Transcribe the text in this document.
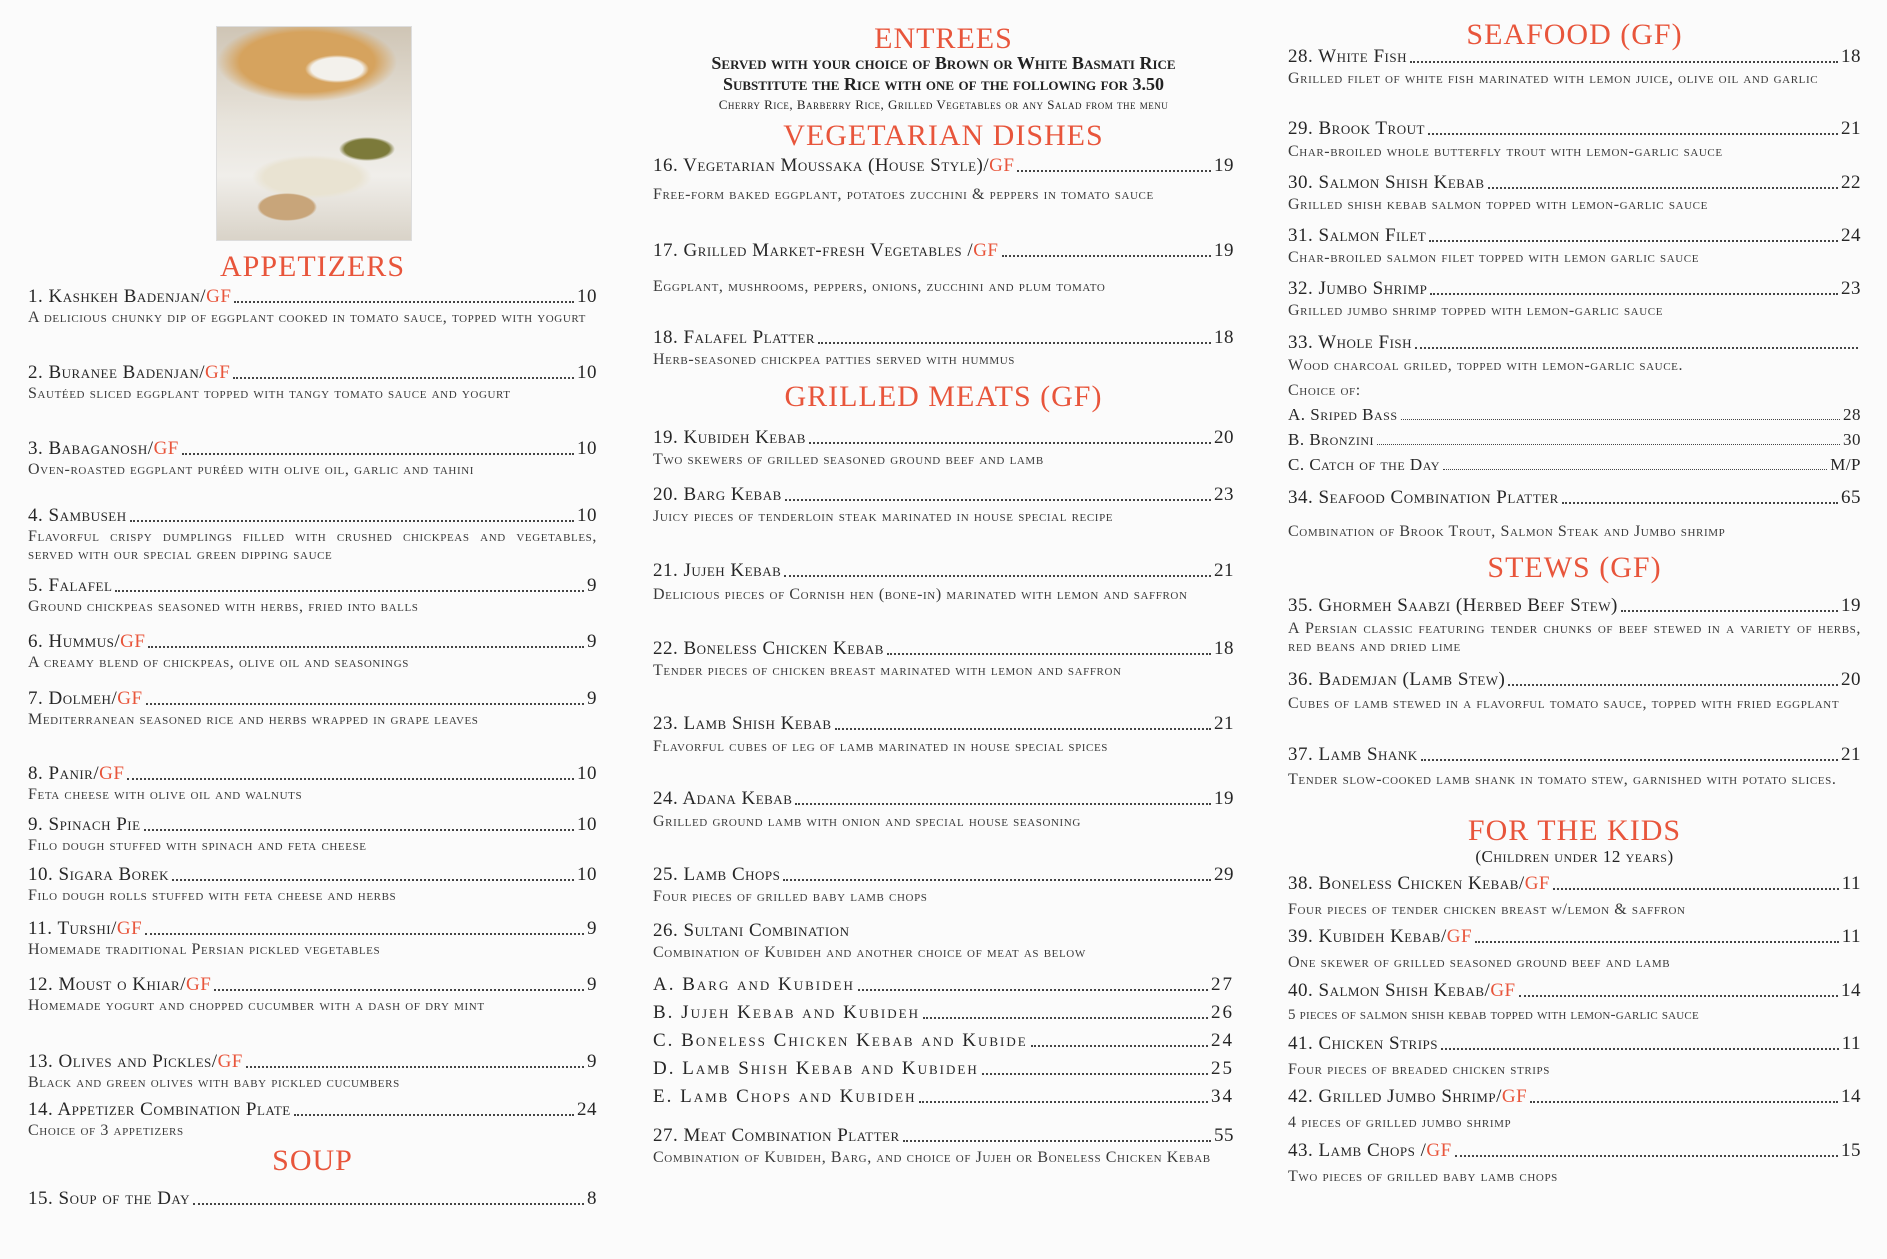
APPETIZERS
1. Kashkeh Badenjan/ GF	10
A delicious chunky dip of eggplant cooked in tomato sauce, topped with yogurt
2. Buranee Badenjan/ GF	10
Sautéed sliced eggplant topped with tangy tomato sauce and yogurt
3. Babaganosh/ GF	10
Oven-roasted eggplant puréed with olive oil, garlic and tahini
4. Sambuseh	10
Flavorful crispy dumplings filled with crushed chickpeas and vegetables, served with our special green dipping sauce
5. Falafel	9
Ground chickpeas seasoned with herbs, fried into balls
6. Hummus/ GF	9
A creamy blend of chickpeas, olive oil and seasonings
7. Dolmeh/ GF	9
Mediterranean seasoned rice and herbs wrapped in grape leaves
8. Panir/ GF	10
Feta cheese with olive oil and walnuts
9. Spinach Pie	10
Filo dough stuffed with spinach and feta cheese
10. Sigara Borek	10
Filo dough rolls stuffed with feta cheese and herbs
11. Turshi/ GF	9
Homemade traditional Persian pickled vegetables
12. Moust o Khiar/ GF	9
Homemade yogurt and chopped cucumber with a dash of dry mint
13. Olives and Pickles/ GF	9
Black and green olives with baby pickled cucumbers
14. Appetizer Combination Plate	24
Choice of 3 appetizers
SOUP
15. Soup of the Day	8
ENTREES
Served with your choice of Brown or White Basmati Rice
Substitute the Rice with one of the following for 3.50
Cherry Rice, Barberry Rice, Grilled Vegetables or any Salad from the menu
VEGETARIAN DISHES
16. Vegetarian Moussaka (House Style)/ GF	19
Free-form baked eggplant, potatoes zucchini & peppers in tomato sauce
17. Grilled Market-fresh Vegetables / GF	19
Eggplant, mushrooms, peppers, onions, zucchini and plum tomato
18. Falafel Platter	18
Herb-seasoned chickpea patties served with hummus
GRILLED MEATS (GF)
19. Kubideh Kebab	20
Two skewers of grilled seasoned ground beef and lamb
20. Barg Kebab	23
Juicy pieces of tenderloin steak marinated in house special recipe
21. Jujeh Kebab	21
Delicious pieces of Cornish hen (bone-in) marinated with lemon and saffron
22. Boneless Chicken Kebab	18
Tender pieces of chicken breast marinated with lemon and saffron
23. Lamb Shish Kebab	21
Flavorful cubes of leg of lamb marinated in house special spices
24. Adana Kebab	19
Grilled ground lamb with onion and special house seasoning
25. Lamb Chops	29
Four pieces of grilled baby lamb chops
26. Sultani Combination
Combination of Kubideh and another choice of meat as below
A. Barg and Kubideh	27
B. Jujeh Kebab and Kubideh	26
C. Boneless Chicken Kebab and Kubide	24
D. Lamb Shish Kebab and Kubideh	25
E. Lamb Chops and Kubideh	34
27. Meat Combination Platter	55
Combination of Kubideh, Barg, and choice of Jujeh or Boneless Chicken Kebab
SEAFOOD (GF)
28. White Fish	18
Grilled filet of white fish marinated with lemon juice, olive oil and garlic
29. Brook Trout	21
Char-broiled whole butterfly trout with lemon-garlic sauce
30. Salmon Shish Kebab	22
Grilled shish kebab salmon topped with lemon-garlic sauce
31. Salmon Filet	24
Char-broiled salmon filet topped with lemon garlic sauce
32. Jumbo Shrimp	23
Grilled jumbo shrimp topped with lemon-garlic sauce
33. Whole Fish
Wood charcoal griled, topped with lemon-garlic sauce.
Choice of:
A. Sriped Bass	28
B. Bronzini	30
C. Catch of the Day	M/P
34. Seafood Combination Platter	65
Combination of Brook Trout, Salmon Steak and Jumbo shrimp
STEWS (GF)
35. Ghormeh Saabzi (Herbed Beef Stew)	19
A Persian classic featuring tender chunks of beef stewed in a variety of herbs, red beans and dried lime
36. Bademjan (Lamb Stew)	20
Cubes of lamb stewed in a flavorful tomato sauce, topped with fried eggplant
37. Lamb Shank	21
Tender slow-cooked lamb shank in tomato stew, garnished with potato slices.
FOR THE KIDS
(Children under 12 years)
38. Boneless Chicken Kebab/ GF	11
Four pieces of tender chicken breast w/lemon & saffron
39. Kubideh Kebab/ GF	11
One skewer of grilled seasoned ground beef and lamb
40. Salmon Shish Kebab/ GF	14
5 pieces of salmon shish kebab topped with lemon-garlic sauce
41. Chicken Strips	11
Four pieces of breaded chicken strips
42. Grilled Jumbo Shrimp/ GF	14
4 pieces of grilled jumbo shrimp
43. Lamb Chops / GF	15
Two pieces of grilled baby lamb chops
